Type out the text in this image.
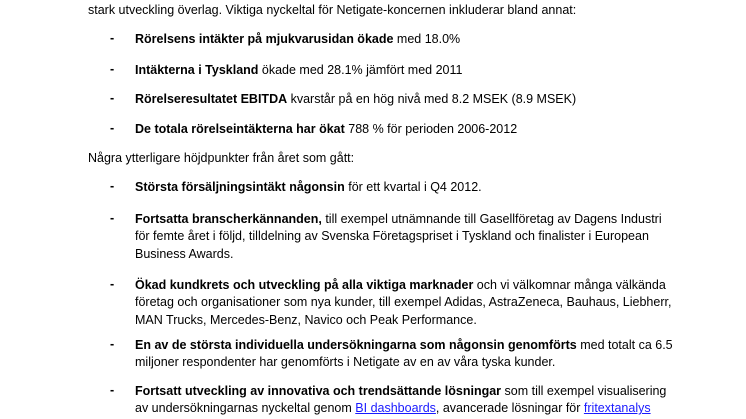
stark utveckling överlag. Viktiga nyckeltal för Netigate-koncernen inkluderar bland annat:
- Rörelsens intäkter på mjukvarusidan ökade med 18.0%
- Intäkterna i Tyskland ökade med 28.1% jämfört med 2011
- Rörelseresultatet EBITDA kvarstår på en hög nivå med 8.2 MSEK (8.9 MSEK)
- De totala rörelseintäkterna har ökat 788 % för perioden 2006-2012
Några ytterligare höjdpunkter från året som gått:
- Största försäljningsintäkt någonsin för ett kvartal i Q4 2012.
- Fortsatta branscherkännanden, till exempel utnämnande till Gasellföretag av Dagens Industri för femte året i följd, tilldelning av Svenska Företagspriset i Tyskland och finalister i European Business Awards.
- Ökad kundkrets och utveckling på alla viktiga marknader och vi välkomnar många välkända företag och organisationer som nya kunder, till exempel Adidas, AstraZeneca, Bauhaus, Liebherr, MAN Trucks, Mercedes-Benz, Navico och Peak Performance.
- En av de största individuella undersökningarna som någonsin genomförts med totalt ca 6.5 miljoner respondenter har genomförts i Netigate av en av våra tyska kunder.
- Fortsatt utveckling av innovativa och trendsättande lösningar som till exempel visualisering av undersökningarnas nyckeltal genom BI dashboards, avancerade lösningar för fritextanalys
